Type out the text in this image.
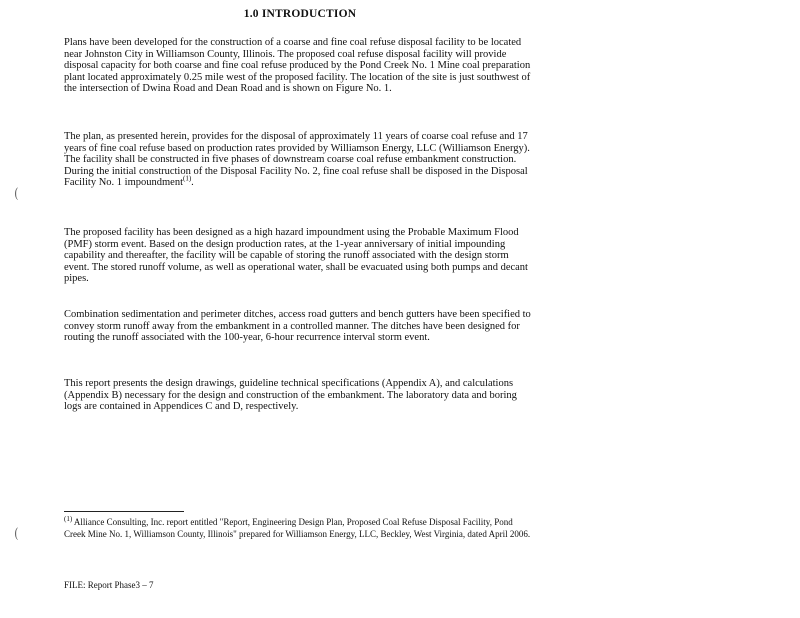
(
(
1.0 INTRODUCTION

Plans have been developed for the construction of a coarse and fine coal refuse disposal facility to be located near Johnston City in Williamson County, Illinois. The proposed coal refuse disposal facility will provide disposal capacity for both coarse and fine coal refuse produced by the Pond Creek No. 1 Mine coal preparation plant located approximately 0.25 mile west of the proposed facility. The location of the site is just southwest of the intersection of Dwina Road and Dean Road and is shown on Figure No. 1.

The plan, as presented herein, provides for the disposal of approximately 11 years of coarse coal refuse and 17 years of fine coal refuse based on production rates provided by Williamson Energy, LLC (Williamson Energy). The facility shall be constructed in five phases of downstream coarse coal refuse embankment construction. During the initial construction of the Disposal Facility No. 2, fine coal refuse shall be disposed in the Disposal Facility No. 1 impoundment$^{(1)}$.

The proposed facility has been designed as a high hazard impoundment using the Probable Maximum Flood (PMF) storm event. Based on the design production rates, at the 1-year anniversary of initial impounding capability and thereafter, the facility will be capable of storing the runoff associated with the design storm event. The stored runoff volume, as well as operational water, shall be evacuated using both pumps and decant pipes.

Combination sedimentation and perimeter ditches, access road gutters and bench gutters have been specified to convey storm runoff away from the embankment in a controlled manner. The ditches have been designed for routing the runoff associated with the 100-year, 6-hour recurrence interval storm event.

This report presents the design drawings, guideline technical specifications (Appendix A), and calculations (Appendix B) necessary for the design and construction of the embankment. The laboratory data and boring logs are contained in Appendices C and D, respectively.

$^{(1)}$ Alliance Consulting, Inc. report entitled "Report, Engineering Design Plan, Proposed Coal Refuse Disposal Facility, Pond Creek Mine No. 1, Williamson County, Illinois" prepared for Williamson Energy, LLC, Beckley, West Virginia, dated April 2006.

FILE: Report Phase3 – 7
